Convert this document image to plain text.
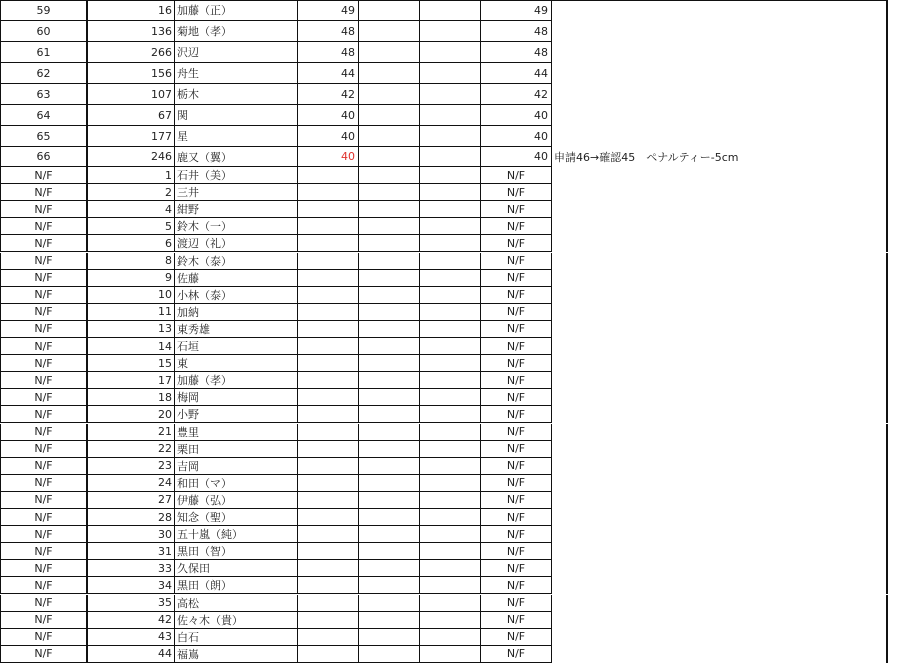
59	16 加藤（正）	49	49
60	136 菊地（孝）	48	48
61	266 沢辺	48	48
62	156 舟生	44	44
63	107 栃木	42	42
64	67 関	40	40
65	177 星	40	40
66	246 鹿又（翼）	40	40 申請46→確認45　ペナルティー-5cm
N/F	1 石井（美）	N/F
N/F	2 三井	N/F
N/F	4 紺野	N/F
N/F	5 鈴木（一）	N/F
N/F	6 渡辺（礼）	N/F
N/F	8 鈴木（泰）	N/F
N/F	9 佐藤	N/F
N/F	10 小林（泰）	N/F
N/F	11 加納	N/F
N/F	13 東秀雄	N/F
N/F	14 石垣	N/F
N/F	15 東	N/F
N/F	17 加藤（孝）	N/F
N/F	18 梅岡	N/F
N/F	20 小野	N/F
N/F	21 豊里	N/F
N/F	22 栗田	N/F
N/F	23 吉岡	N/F
N/F	24 和田（マ）	N/F
N/F	27 伊藤（弘）	N/F
N/F	28 知念（聖）	N/F
N/F	30 五十嵐（純）	N/F
N/F	31 黒田（智）	N/F
N/F	33 久保田	N/F
N/F	34 黒田（朗）	N/F
N/F	35 高松	N/F
N/F	42 佐々木（貴）	N/F
N/F	43 白石	N/F
N/F	44 福嶌	N/F
